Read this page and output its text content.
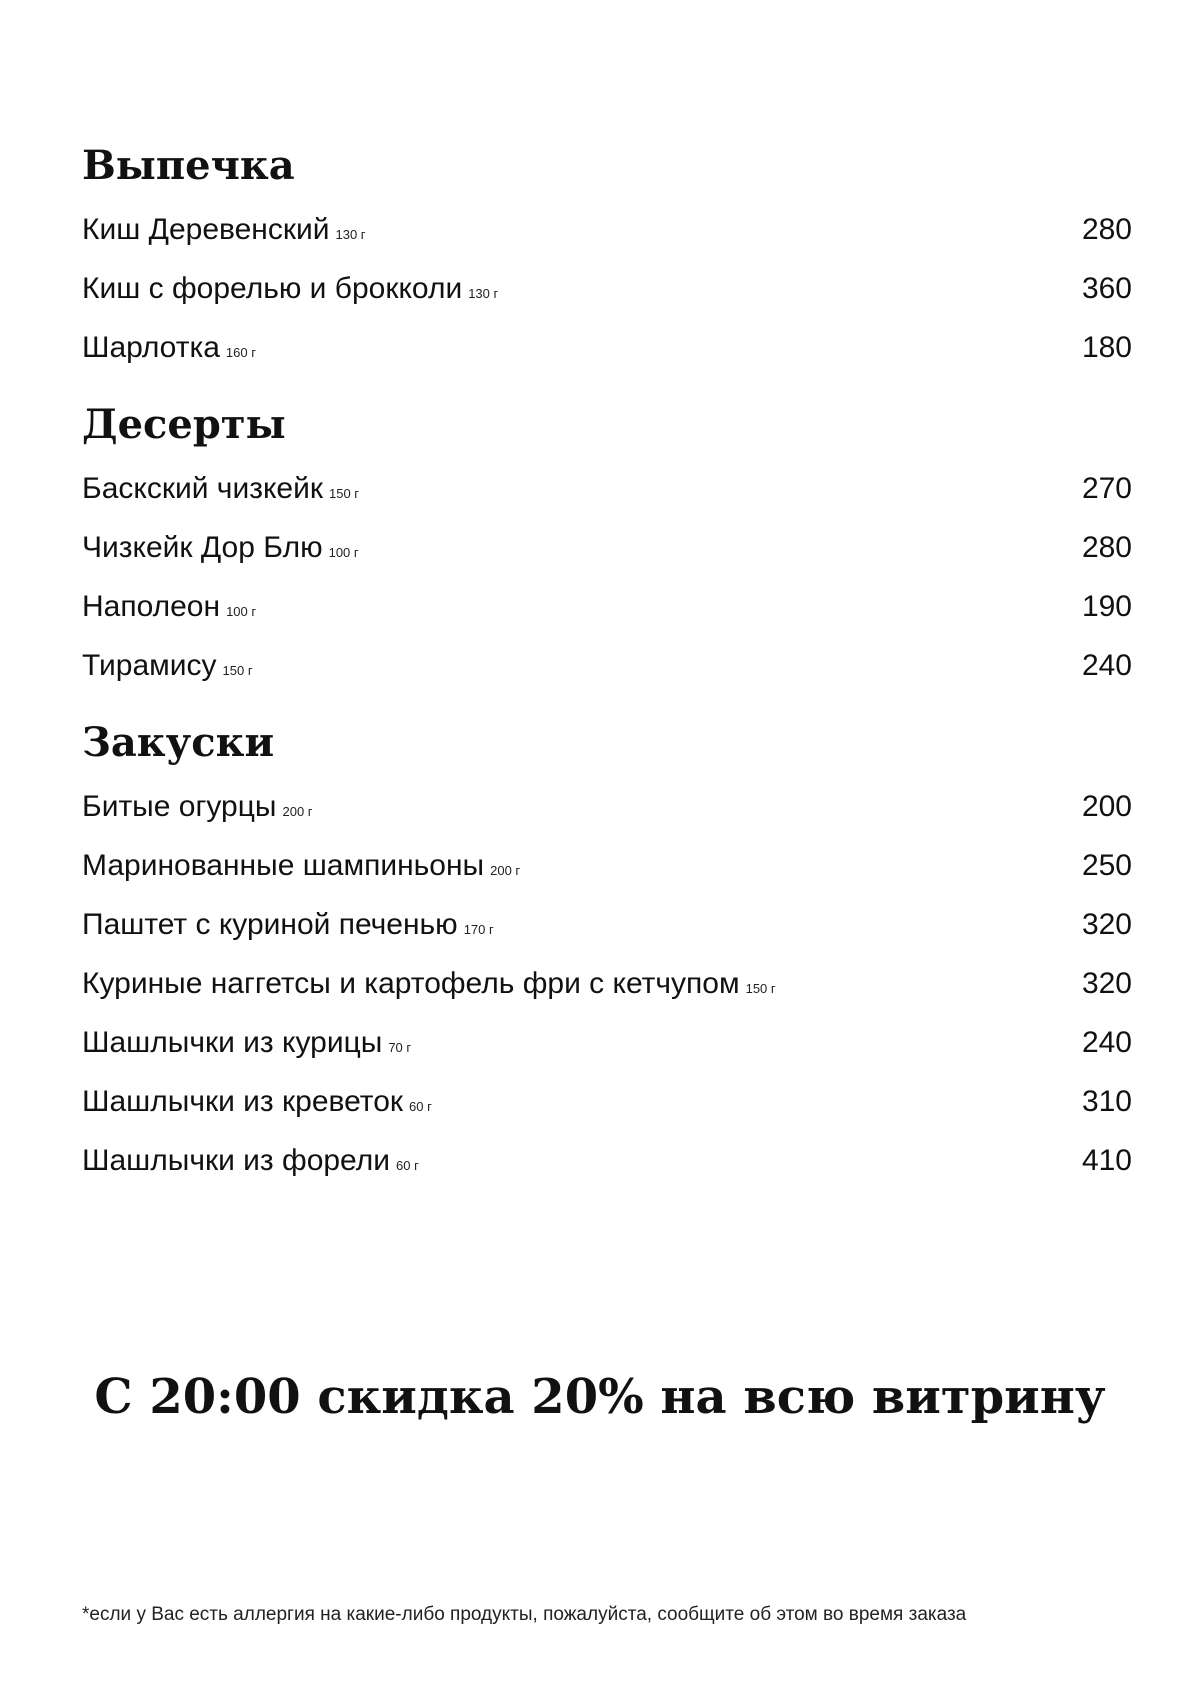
Выпечка
Киш Деревенский 130 г	280
Киш с форелью и брокколи 130 г	360
Шарлотка 160 г	180
Десерты
Баскский чизкейк 150 г	270
Чизкейк Дор Блю 100 г	280
Наполеон 100 г	190
Тирамису 150 г	240
Закуски
Битые огурцы 200 г	200
Маринованные шампиньоны 200 г	250
Паштет с куриной печенью 170 г	320
Куриные наггетсы и картофель фри с кетчупом 150 г	320
Шашлычки из курицы 70 г	240
Шашлычки из креветок 60 г	310
Шашлычки из форели 60 г	410
С 20:00 скидка 20% на всю витрину
*если у Вас есть аллергия на какие-либо продукты, пожалуйста, сообщите об этом во время заказа
